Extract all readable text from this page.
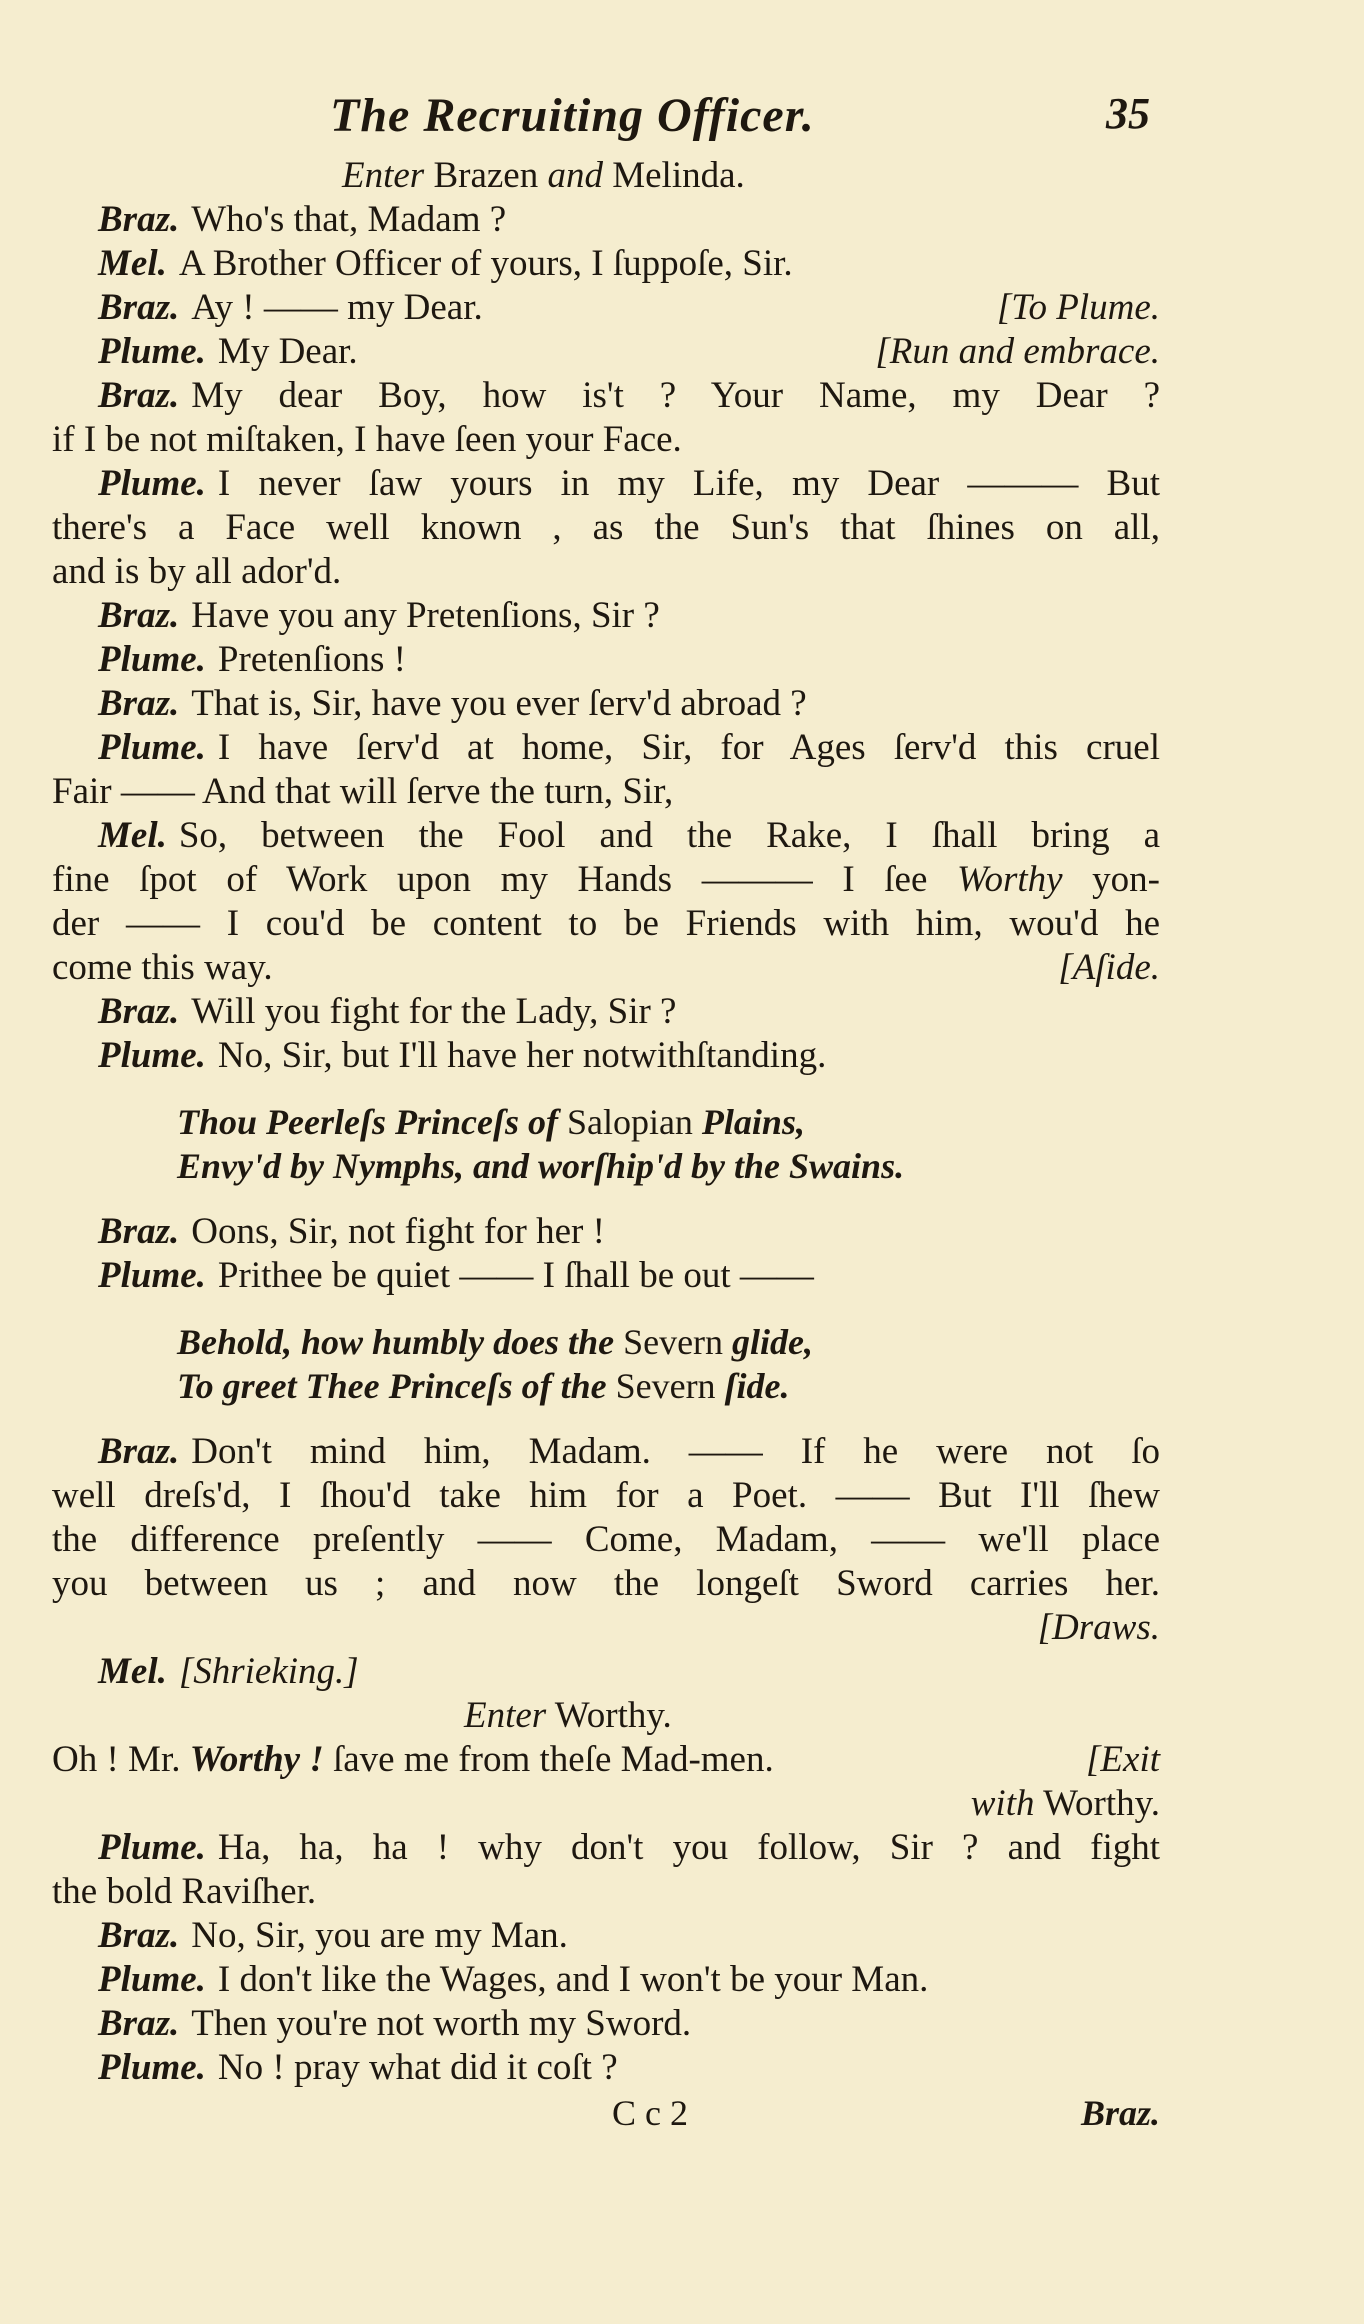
The Recruiting Officer.	35
Enter Brazen and Melinda.
Braz. Who's that, Madam ?
Mel. A Brother Officer of yours, I ſuppoſe, Sir.
Braz. Ay ! —— my Dear.	[To Plume.
Plume. My Dear.	[Run and embrace.
Braz. My dear Boy, how is't ? Your Name, my Dear ?
if I be not miſtaken, I have ſeen your Face.
Plume. I never ſaw yours in my Life, my Dear ——— But
there's a Face well known , as the Sun's that ſhines on all,
and is by all ador'd.
Braz. Have you any Pretenſions, Sir ?
Plume. Pretenſions !
Braz. That is, Sir, have you ever ſerv'd abroad ?
Plume. I have ſerv'd at home, Sir, for Ages ſerv'd this cruel
Fair —— And that will ſerve the turn, Sir,
Mel. So, between the Fool and the Rake, I ſhall bring a
fine ſpot of Work upon my Hands ——— I ſee Worthy yon-
der —— I cou'd be content to be Friends with him, wou'd he
come this way.	[Aſide.
Braz. Will you fight for the Lady, Sir ?
Plume. No, Sir, but I'll have her notwithſtanding.
Thou Peerleſs Princeſs of Salopian Plains,
Envy'd by Nymphs, and worſhip'd by the Swains.
Braz. Oons, Sir, not fight for her !
Plume. Prithee be quiet —— I ſhall be out ——
Behold, how humbly does the Severn glide,
To greet Thee Princeſs of the Severn ſide.
Braz. Don't mind him, Madam. —— If he were not ſo
well dreſs'd, I ſhou'd take him for a Poet. —— But I'll ſhew
the difference preſently —— Come, Madam, —— we'll place
you between us ; and now the longeſt Sword carries her.
[Draws.
Mel. [Shrieking.]
Enter Worthy.
Oh ! Mr. Worthy ! ſave me from theſe Mad-men.	[Exit
with Worthy.
Plume. Ha, ha, ha ! why don't you follow, Sir ? and fight
the bold Raviſher.
Braz. No, Sir, you are my Man.
Plume. I don't like the Wages, and I won't be your Man.
Braz. Then you're not worth my Sword.
Plume. No ! pray what did it coſt ?
C c 2	Braz.
